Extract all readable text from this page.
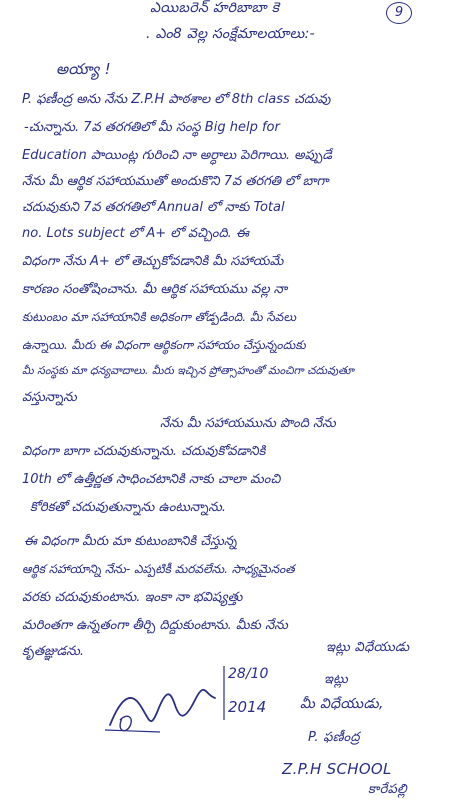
ఎయిబరెన్‌ హరిబాబా కె	9
. ఎం8 వెల్ల సంక్షేమాలయాలు:-
అయ్యా !
P. ఫణీంద్ర అను నేను Z.P.H పాఠశాల లో 8th class చదువు
-చున్నాను. 7వ తరగతిలో మీ సంస్థ Big help for
Education పాయింట్ల గురించి నా అర్ధాలు పెరిగాయి. అప్పుడే
నేను మీ ఆర్థిక సహాయముతో అందుకొని 7వ తరగతి లో బాగా
చదువుకుని 7వ తరగతిలో Annual లో నాకు Total
no. Lots subject లో A+ లో వచ్చింది. ఈ
విధంగా నేను A+ లో తెచ్చుకోవడానికి మీ సహాయమే
కారణం సంతోషించాను. మీ ఆర్థిక సహాయము వల్ల నా
కుటుంబం మా సహాయానికి అధికంగా తోడ్పడింది. మీ సేవలు
ఉన్నాయి. మీరు ఈ విధంగా ఆర్థికంగా సహాయం చేస్తున్నందుకు
మీ సంస్థకు మా ధన్యవాదాలు. మీరు ఇచ్చిన ప్రోత్సాహంతో మంచిగా చదువుతూ
వస్తున్నాను
నేను మీ సహాయమును పొంది నేను
విధంగా బాగా చదువుకున్నాను. చదువుకోవడానికి
10th లో ఉత్తీర్ణత సాధించటానికి నాకు చాలా మంచి
కోరికతో చదువుతున్నాను ఉంటున్నాను.
ఈ విధంగా మీరు మా కుటుంబానికి చేస్తున్న
ఆర్థిక సహాయాన్ని నేను- ఎప్పటికీ మరవలేను. సాధ్యమైనంత
వరకు చదువుకుంటాను. ఇంకా నా భవిష్యత్తు
మరింతగా ఉన్నతంగా తీర్చి దిద్దుకుంటాను. మీకు నేను
కృతజ్ఞుడను.	ఇట్లు విధేయుడు
28/10
2014
ఇట్లు
మీ విధేయుడు,
P. ఫణీంద్ర
Z.P.H SCHOOL
కారేపల్లి
